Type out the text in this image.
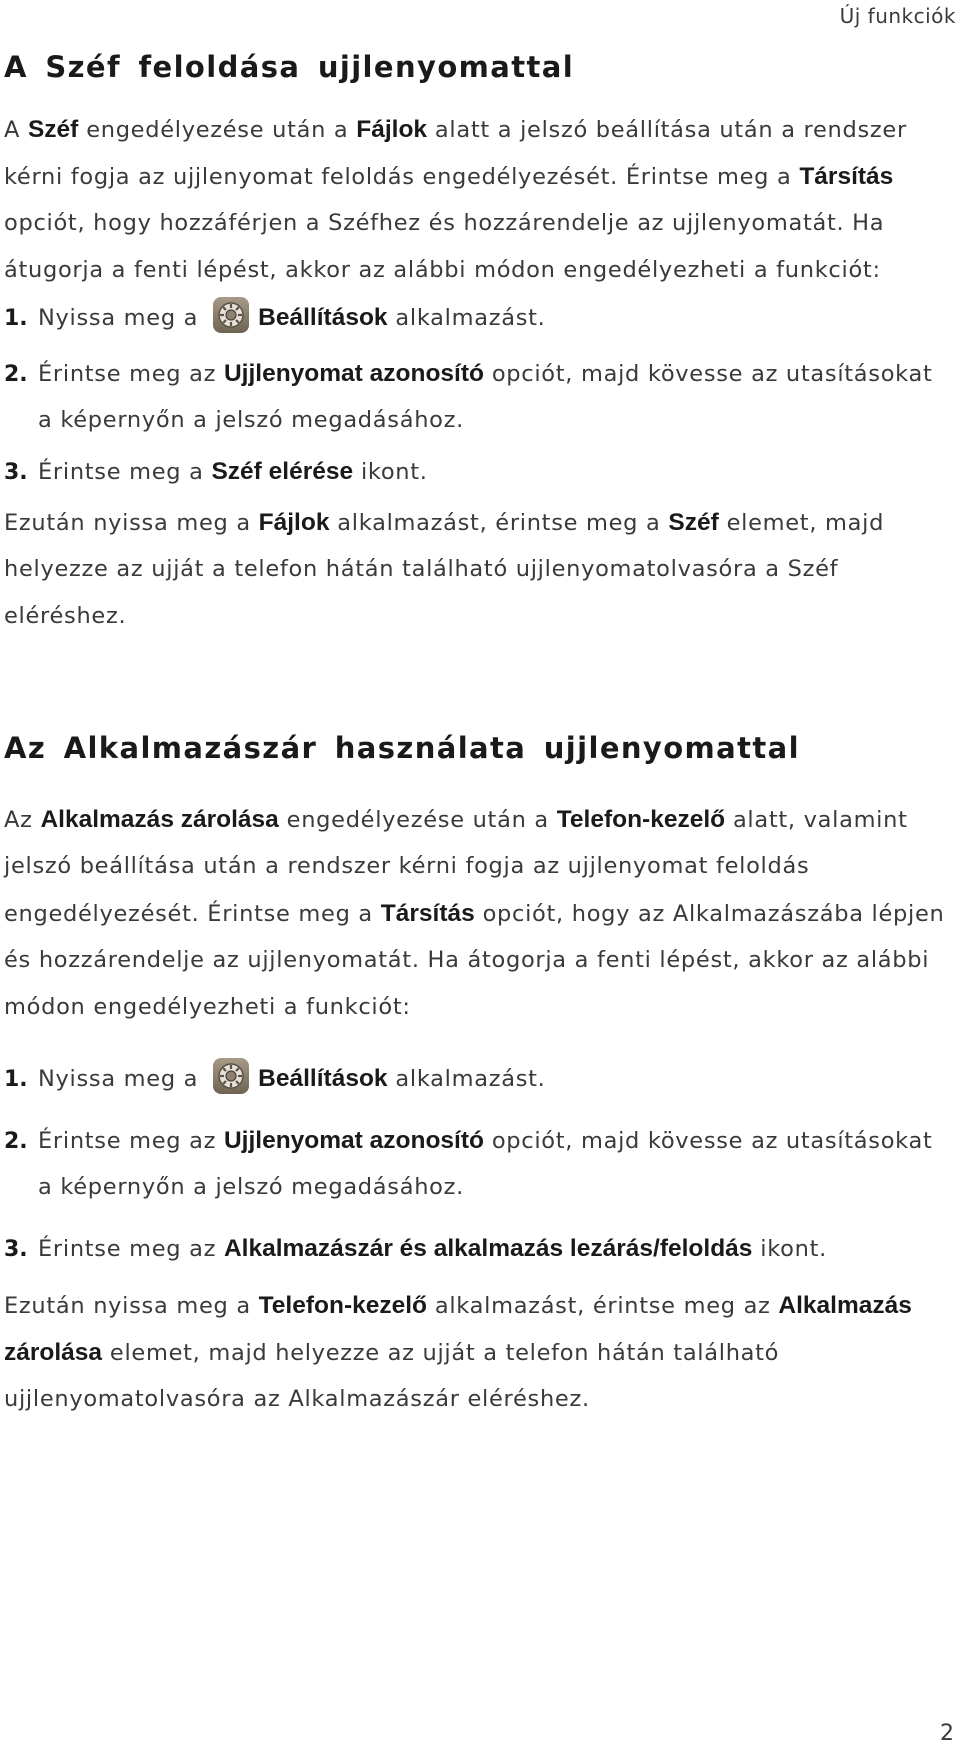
Új funkciók
A Széf feloldása ujjlenyomattal
A Széf engedélyezése után a Fájlok alatt a jelszó beállítása után a rendszer
kérni fogja az ujjlenyomat feloldás engedélyezését. Érintse meg a Társítás
opciót, hogy hozzáférjen a Széfhez és hozzárendelje az ujjlenyomatát. Ha
átugorja a fenti lépést, akkor az alábbi módon engedélyezheti a funkciót:
1. Nyissa meg a Beállítások alkalmazást.
2. Érintse meg az Ujjlenyomat azonosító opciót, majd kövesse az utasításokat
a képernyőn a jelszó megadásához.
3. Érintse meg a Széf elérése ikont.
Ezután nyissa meg a Fájlok alkalmazást, érintse meg a Széf elemet, majd
helyezze az ujját a telefon hátán található ujjlenyomatolvasóra a Széf
eléréshez.
Az Alkalmazászár használata ujjlenyomattal
Az Alkalmazás zárolása engedélyezése után a Telefon-kezelő alatt, valamint
jelszó beállítása után a rendszer kérni fogja az ujjlenyomat feloldás
engedélyezését. Érintse meg a Társítás opciót, hogy az Alkalmazászába lépjen
és hozzárendelje az ujjlenyomatát. Ha átogorja a fenti lépést, akkor az alábbi
módon engedélyezheti a funkciót:
1. Nyissa meg a Beállítások alkalmazást.
2. Érintse meg az Ujjlenyomat azonosító opciót, majd kövesse az utasításokat
a képernyőn a jelszó megadásához.
3. Érintse meg az Alkalmazászár és alkalmazás lezárás/feloldás ikont.
Ezután nyissa meg a Telefon-kezelő alkalmazást, érintse meg az Alkalmazás
zárolása elemet, majd helyezze az ujját a telefon hátán található
ujjlenyomatolvasóra az Alkalmazászár eléréshez.
2
